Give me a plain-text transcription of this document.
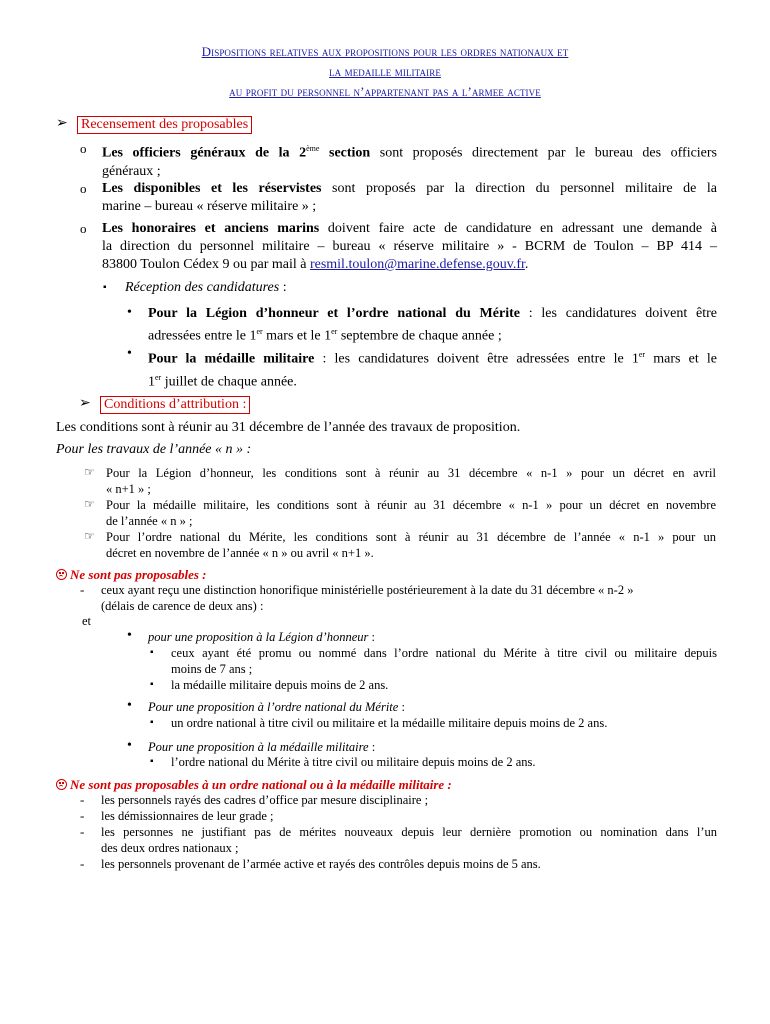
Dispositions relatives aux propositions pour les ordres nationaux et
la medaille militaire
au profit du personnel n’appartenant pas a l’armee active
➢ Recensement des proposables
o Les officiers généraux de la 2ème section sont proposés directement par le bureau des officiers
généraux ;
o Les disponibles et les réservistes sont proposés par la direction du personnel militaire de la
marine – bureau « réserve militaire » ;
o Les honoraires et anciens marins doivent faire acte de candidature en adressant une demande à
la direction du personnel militaire – bureau « réserve militaire » - BCRM de Toulon – BP 414 –
83800 Toulon Cédex 9 ou par mail à resmil.toulon@marine.defense.gouv.fr.
▪ Réception des candidatures :
• Pour la Légion d’honneur et l’ordre national du Mérite : les candidatures doivent être
adressées entre le 1er mars et le 1er septembre de chaque année ;
• Pour la médaille militaire : les candidatures doivent être adressées entre le 1er mars et le
1er juillet de chaque année.
➢ Conditions d’attribution :
Les conditions sont à réunir au 31 décembre de l’année des travaux de proposition.
Pour les travaux de l’année « n » :
☞ Pour la Légion d’honneur, les conditions sont à réunir au 31 décembre « n-1 » pour un décret en avril
« n+1 » ;
☞ Pour la médaille militaire, les conditions sont à réunir au 31 décembre « n-1 » pour un décret en novembre
de l’année « n » ;
☞ Pour l’ordre national du Mérite, les conditions sont à réunir au 31 décembre de l’année « n-1 » pour un
décret en novembre de l’année « n » ou avril « n+1 ».
Ne sont pas proposables :
- ceux ayant reçu une distinction honorifique ministérielle postérieurement à la date du 31 décembre « n-2 »
(délais de carence de deux ans) :
et
• pour une proposition à la Légion d’honneur :
▪ ceux ayant été promu ou nommé dans l’ordre national du Mérite à titre civil ou militaire depuis
moins de 7 ans ;
▪ la médaille militaire depuis moins de 2 ans.
• Pour une proposition à l’ordre national du Mérite :
▪ un ordre national à titre civil ou militaire et la médaille militaire depuis moins de 2 ans.
• Pour une proposition à la médaille militaire :
▪ l’ordre national du Mérite à titre civil ou militaire depuis moins de 2 ans.
Ne sont pas proposables à un ordre national ou à la médaille militaire :
- les personnels rayés des cadres d’office par mesure disciplinaire ;
- les démissionnaires de leur grade ;
- les personnes ne justifiant pas de mérites nouveaux depuis leur dernière promotion ou nomination dans l’un
des deux ordres nationaux ;
- les personnels provenant de l’armée active et rayés des contrôles depuis moins de 5 ans.
